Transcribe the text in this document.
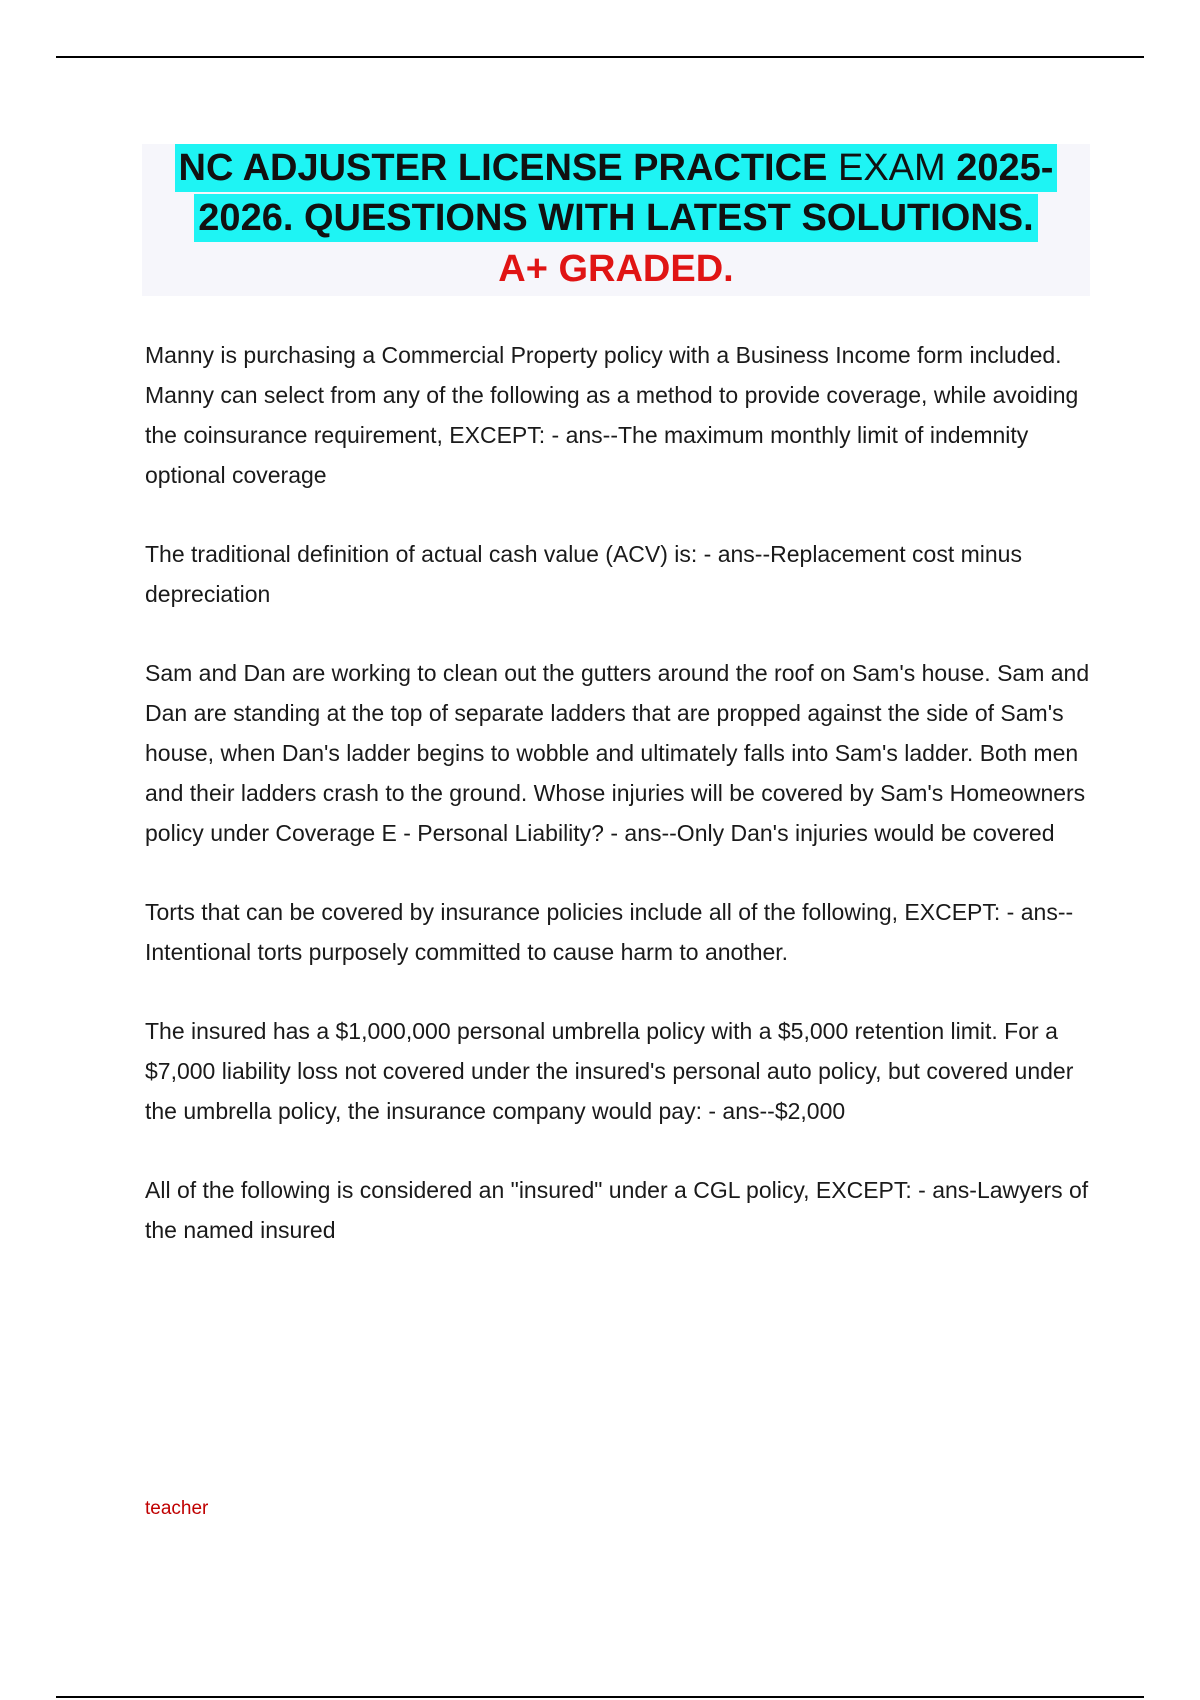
NC ADJUSTER LICENSE PRACTICE EXAM 2025-
2026. QUESTIONS WITH LATEST SOLUTIONS.
A+ GRADED.

Manny is purchasing a Commercial Property policy with a Business Income form included. Manny can select from any of the following as a method to provide coverage, while avoiding the coinsurance requirement, EXCEPT: - ans--The maximum monthly limit of indemnity optional coverage

The traditional definition of actual cash value (ACV) is: - ans--Replacement cost minus depreciation

Sam and Dan are working to clean out the gutters around the roof on Sam's house. Sam and Dan are standing at the top of separate ladders that are propped against the side of Sam's house, when Dan's ladder begins to wobble and ultimately falls into Sam's ladder. Both men and their ladders crash to the ground. Whose injuries will be covered by Sam's Homeowners policy under Coverage E - Personal Liability? - ans--Only Dan's injuries would be covered

Torts that can be covered by insurance policies include all of the following, EXCEPT: - ans--Intentional torts purposely committed to cause harm to another.

The insured has a $1,000,000 personal umbrella policy with a $5,000 retention limit. For a $7,000 liability loss not covered under the insured's personal auto policy, but covered under the umbrella policy, the insurance company would pay: - ans--$2,000

All of the following is considered an "insured" under a CGL policy, EXCEPT: - ans-Lawyers of the named insured

teacher
